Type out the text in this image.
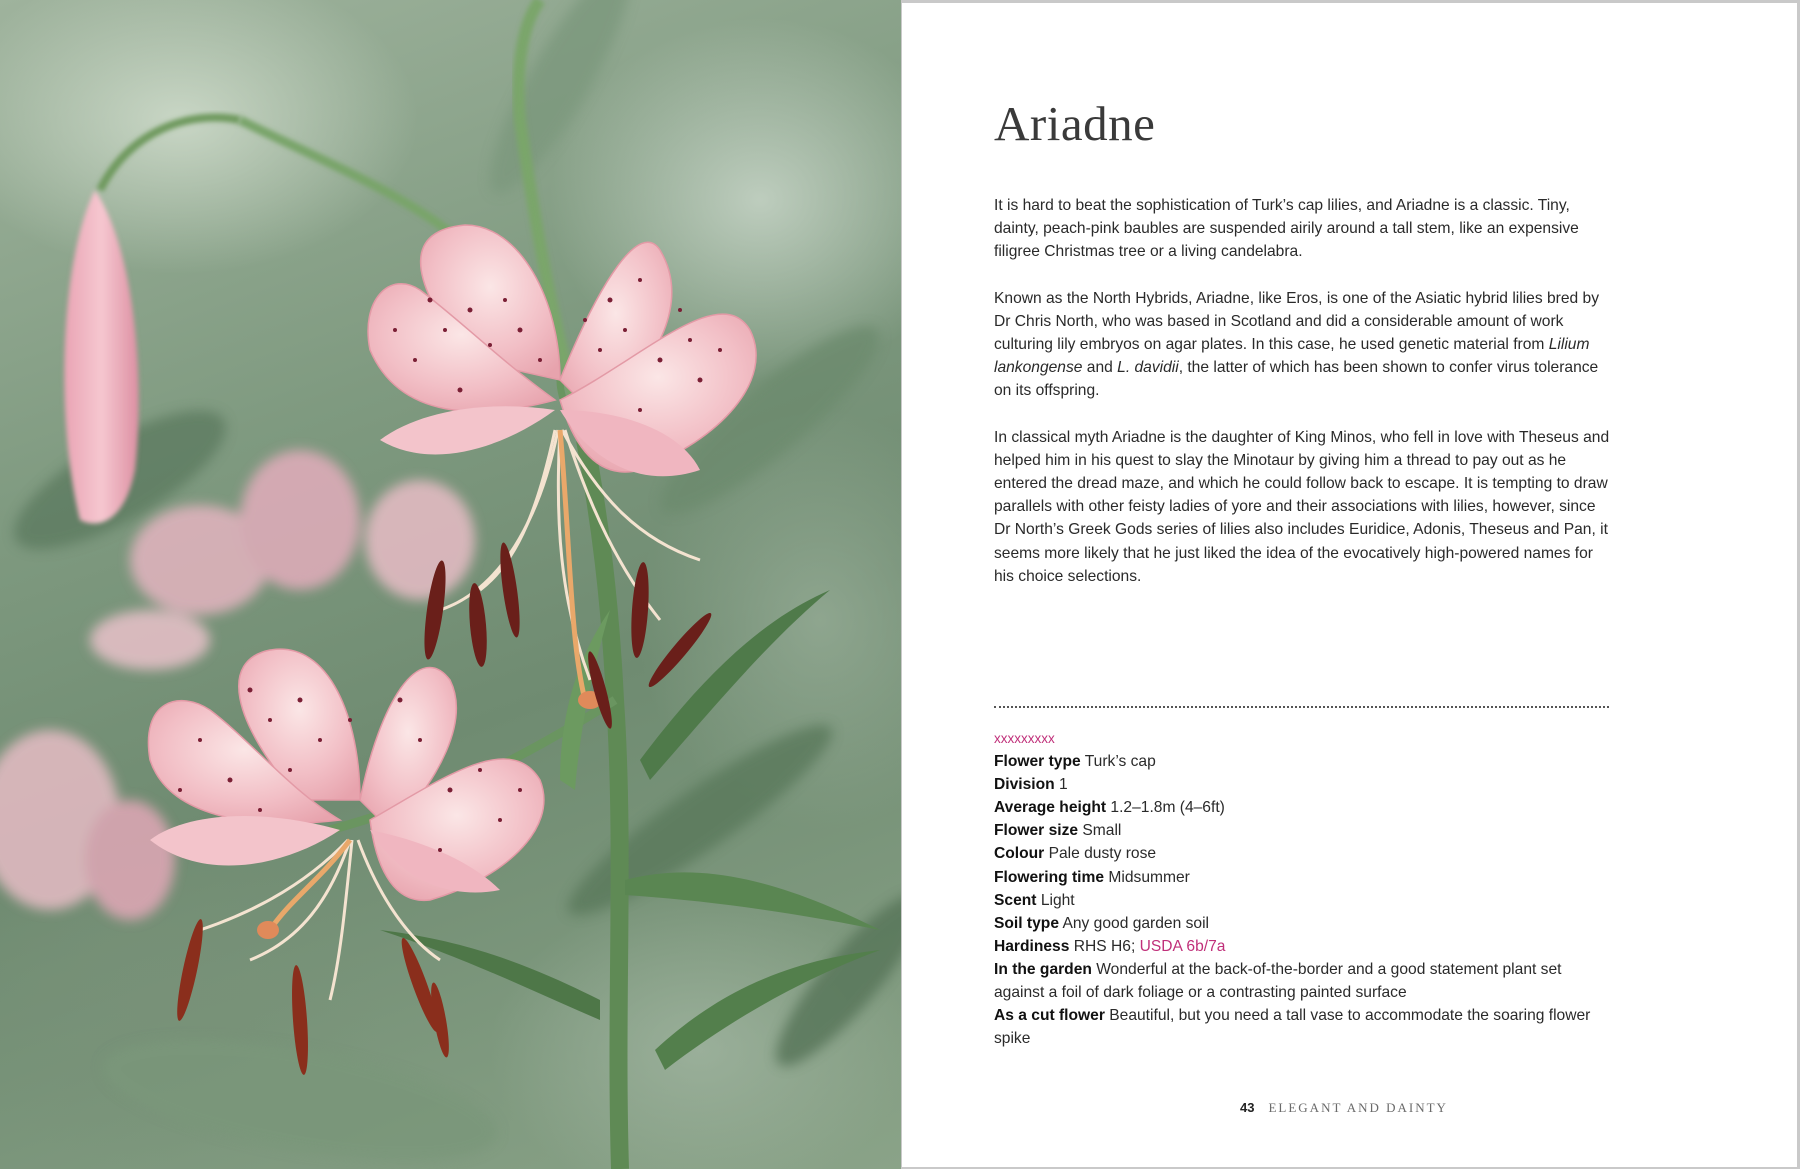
Ariadne

It is hard to beat the sophistication of Turk’s cap lilies, and Ariadne is a classic. Tiny, dainty, peach-pink baubles are suspended airily around a tall stem, like an expensive filigree Christmas tree or a living candelabra.

Known as the North Hybrids, Ariadne, like Eros, is one of the Asiatic hybrid lilies bred by Dr Chris North, who was based in Scotland and did a considerable amount of work culturing lily embryos on agar plates. In this case, he used genetic material from Lilium lankongense and L. davidii, the latter of which has been shown to confer virus tolerance on its offspring.

In classical myth Ariadne is the daughter of King Minos, who fell in love with Theseus and helped him in his quest to slay the Minotaur by giving him a thread to pay out as he entered the dread maze, and which he could follow back to escape. It is tempting to draw parallels with other feisty ladies of yore and their associations with lilies, however, since Dr North’s Greek Gods series of lilies also includes Euridice, Adonis, Theseus and Pan, it seems more likely that he just liked the idea of the evocatively high-powered names for his choice selections.

xxxxxxxxx
Flower type Turk’s cap
Division 1
Average height 1.2–1.8m (4–6ft)
Flower size Small
Colour Pale dusty rose
Flowering time Midsummer
Scent Light
Soil type Any good garden soil
Hardiness RHS H6; USDA 6b/7a
In the garden Wonderful at the back-of-the-border and a good statement plant set against a foil of dark foliage or a contrasting painted surface
As a cut flower Beautiful, but you need a tall vase to accommodate the soaring flower spike
43 ELEGANT AND DAINTY
